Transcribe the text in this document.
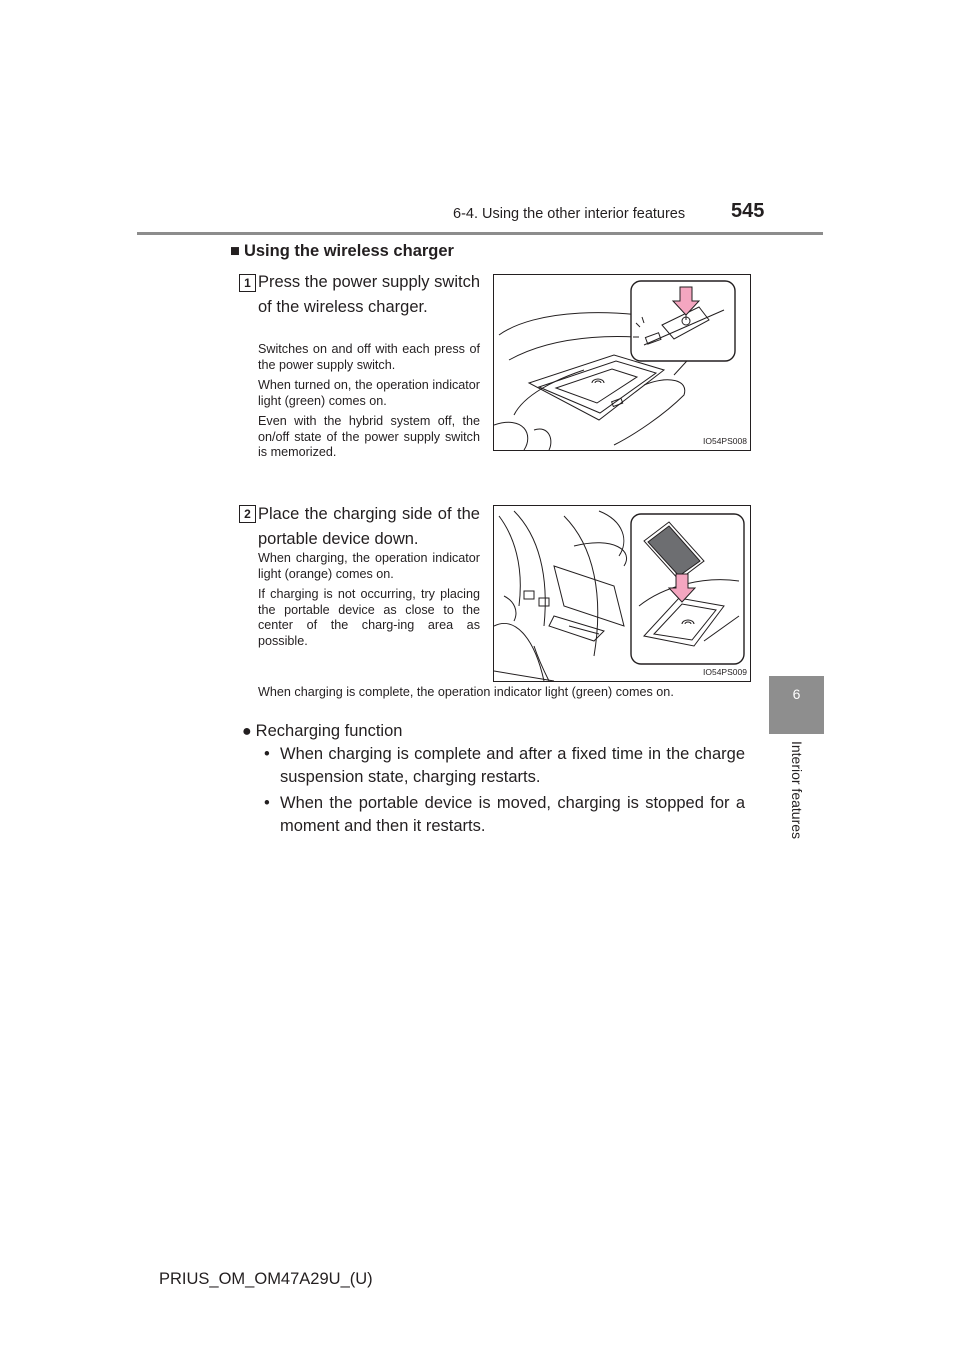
6-4. Using the other interior features 545
6
Interior features
■ Using the wireless charger
1 Press the power supply switch of the wireless charger.

Switches on and off with each press of the power supply switch.

When turned on, the operation indicator light (green) comes on.

Even with the hybrid system off, the on/off state of the power supply switch is memorized.

IO54PS008
2 Place the charging side of the portable device down.

When charging, the operation indicator light (orange) comes on.

If charging is not occurring, try placing the portable device as close to the center of the charg-ing area as possible.

IO54PS009
When charging is complete, the operation indicator light (green) comes on.
● Recharging function
• When charging is complete and after a fixed time in the charge suspension state, charging restarts.
• When the portable device is moved, charging is stopped for a moment and then it restarts.
PRIUS_OM_OM47A29U_(U)
